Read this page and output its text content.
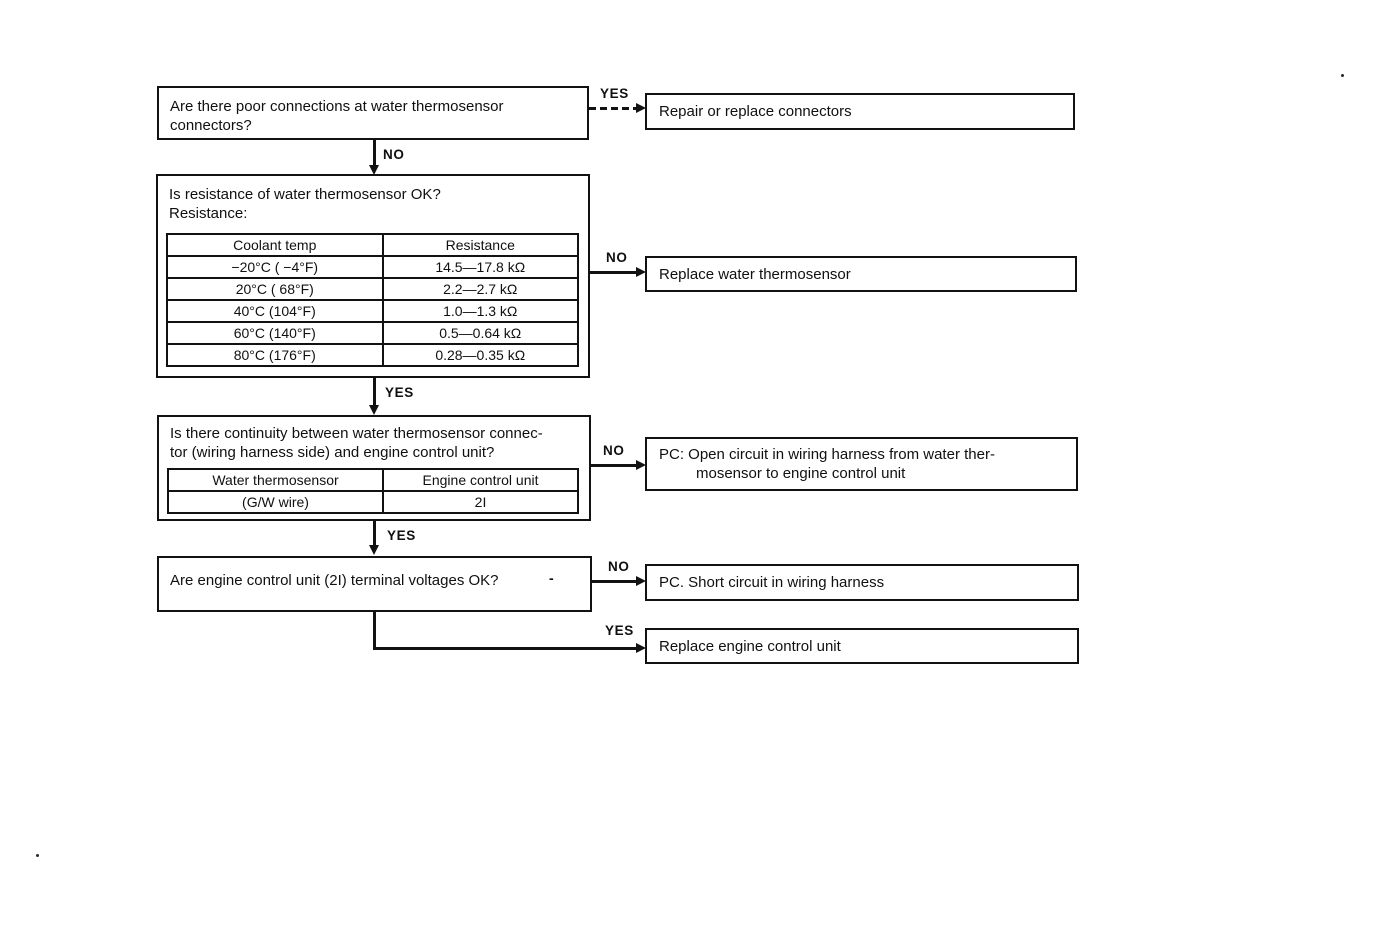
Are there poor connections at water thermosensor
connectors?
YES
Repair or replace connectors
NO
Is resistance of water thermosensor OK?
Resistance:
Coolant temp	Resistance
−20°C ( −4°F)	14.5—17.8 kΩ
20°C ( 68°F)	2.2—2.7 kΩ
40°C (104°F)	1.0—1.3 kΩ
60°C (140°F)	0.5—0.64 kΩ
80°C (176°F)	0.28—0.35 kΩ
NO
Replace water thermosensor
YES
Is there continuity between water thermosensor connec-
tor (wiring harness side) and engine control unit?
Water thermosensor	Engine control unit
(G/W wire)	2I
NO PC: Open circuit in wiring harness from water ther-
mosensor to engine control unit
YES
Are engine control unit (2I) terminal voltages OK?	-
NO
PC. Short circuit in wiring harness
YES
Replace engine control unit
